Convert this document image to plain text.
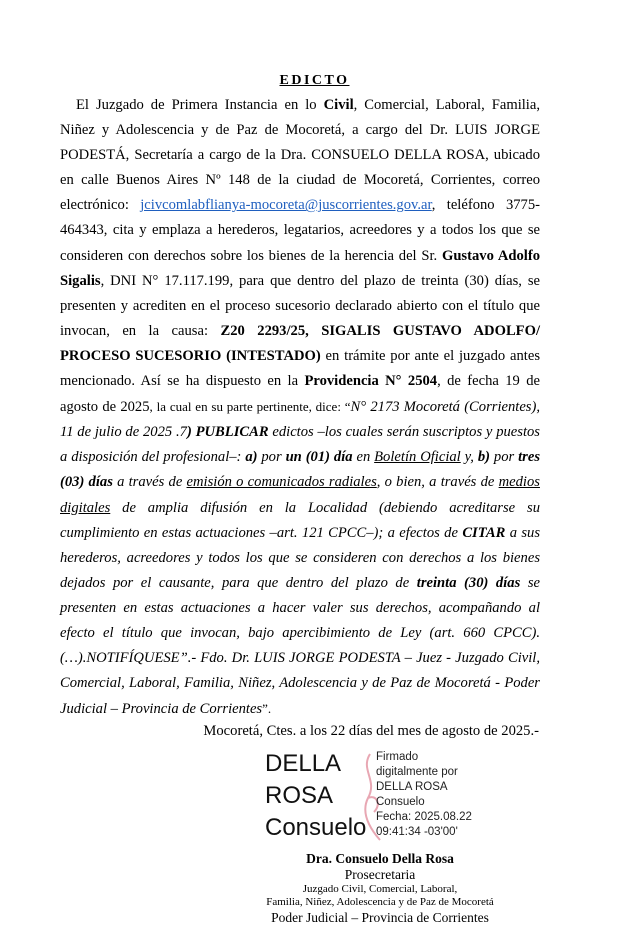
EDICTO
El Juzgado de Primera Instancia en lo Civil, Comercial, Laboral, Familia, Niñez y Adolescencia y de Paz de Mocoretá, a cargo del Dr. LUIS JORGE PODESTÁ, Secretaría a cargo de la Dra. CONSUELO DELLA ROSA, ubicado en calle Buenos Aires Nº 148 de la ciudad de Mocoretá, Corrientes, correo electrónico: jcivcomlabflianya-mocoreta@juscorrientes.gov.ar, teléfono 3775-464343, cita y emplaza a herederos, legatarios, acreedores y a todos los que se consideren con derechos sobre los bienes de la herencia del Sr. Gustavo Adolfo Sigalis, DNI N° 17.117.199, para que dentro del plazo de treinta (30) días, se presenten y acrediten en el proceso sucesorio declarado abierto con el título que invocan, en la causa: Z20 2293/25, SIGALIS GUSTAVO ADOLFO/ PROCESO SUCESORIO (INTESTADO) en trámite por ante el juzgado antes mencionado. Así se ha dispuesto en la Providencia N° 2504, de fecha 19 de agosto de 2025, la cual en su parte pertinente, dice: “N° 2173 Mocoretá (Corrientes), 11 de julio de 2025 .7) PUBLICAR edictos –los cuales serán suscriptos y puestos a disposición del profesional–: a) por un (01) día en Boletín Oficial y, b) por tres (03) días a través de emisión o comunicados radiales, o bien, a través de medios digitales de amplia difusión en la Localidad (debiendo acreditarse su cumplimiento en estas actuaciones –art. 121 CPCC–); a efectos de CITAR a sus herederos, acreedores y todos los que se consideren con derechos a los bienes dejados por el causante, para que dentro del plazo de treinta (30) días se presenten en estas actuaciones a hacer valer sus derechos, acompañando al efecto el título que invocan, bajo apercibimiento de Ley (art. 660 CPCC). (…).NOTIFÍQUESE”.- Fdo. Dr. LUIS JORGE PODESTA – Juez - Juzgado Civil, Comercial, Laboral, Familia, Niñez, Adolescencia y de Paz de Mocoretá - Poder Judicial – Provincia de Corrientes”.
Mocoretá, Ctes. a los 22 días del mes de agosto de 2025.-
DELLA
ROSA
Consuelo
Firmado
digitalmente por
DELLA ROSA
Consuelo
Fecha: 2025.08.22
09:41:34 -03'00'
Dra. Consuelo Della Rosa
Prosecretaria
Juzgado Civil, Comercial, Laboral,
Familia, Niñez, Adolescencia y de Paz de Mocoretá
Poder Judicial – Provincia de Corrientes
